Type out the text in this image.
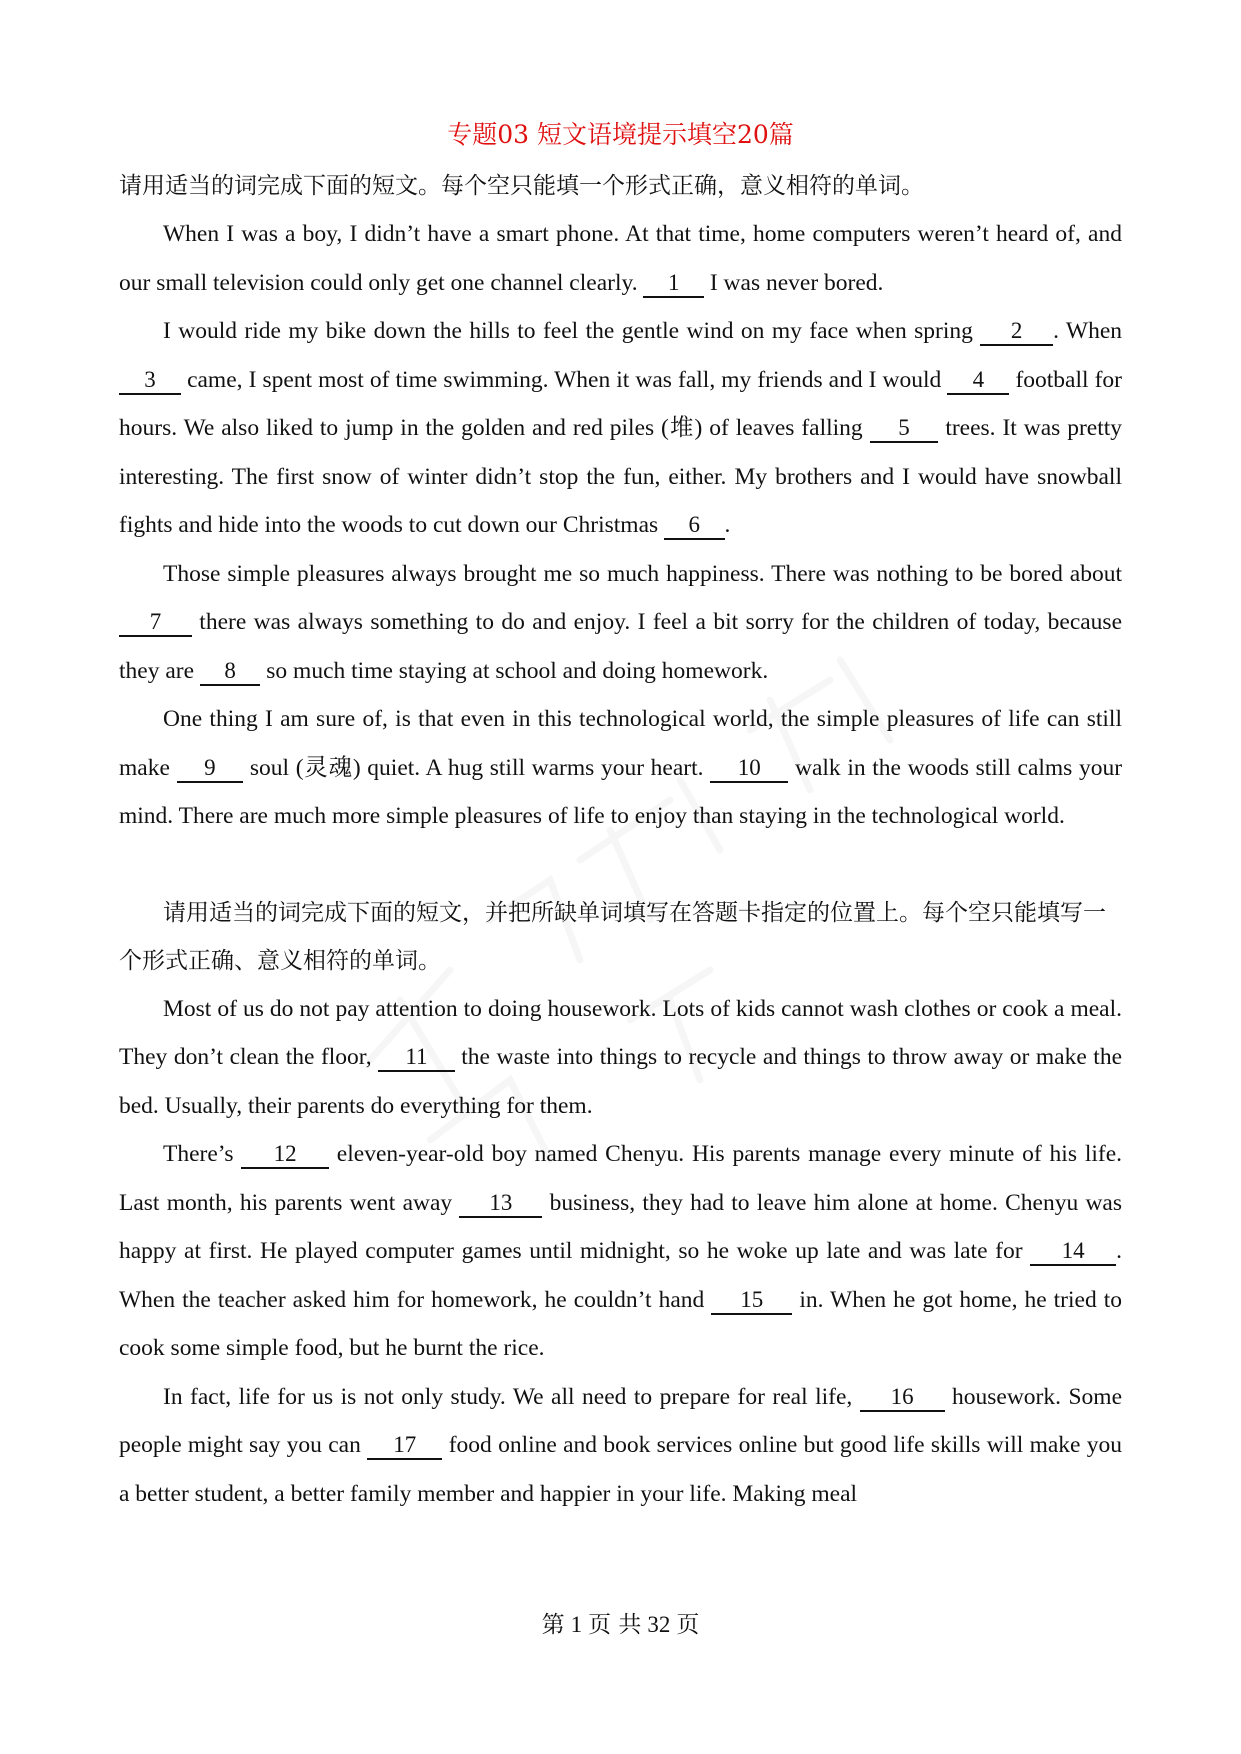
专题03 短文语境提示填空20篇

请用适当的词完成下面的短文。每个空只能填一个形式正确，意义相符的单词。

When I was a boy, I didn’t have a smart phone. At that time, home computers weren’t heard of, and our small television could only get one channel clearly.     1     I was never bored.

I would ride my bike down the hills to feel the gentle wind on my face when spring     2 . When     3     came, I spent most of time swimming. When it was fall, my friends and I would     4     football for hours. We also liked to jump in the golden and red piles (堆) of leaves falling     5     trees. It was pretty interesting. The first snow of winter didn’t stop the fun, either. My brothers and I would have snowball fights and hide into the woods to cut down our Christmas     6 .

Those simple pleasures always brought me so much happiness. There was nothing to be bored about     7     there was always something to do and enjoy. I feel a bit sorry for the children of today, because they are     8     so much time staying at school and doing homework.

One thing I am sure of, is that even in this technological world, the simple pleasures of life can still make     9     soul (灵魂) quiet. A hug still warms your heart.     10     walk in the woods still calms your mind. There are much more simple pleasures of life to enjoy than staying in the technological world.

请用适当的词完成下面的短文，并把所缺单词填写在答题卡指定的位置上。每个空只能填写一个形式正确、意义相符的单词。

Most of us do not pay attention to doing housework. Lots of kids cannot wash clothes or cook a meal. They don’t clean the floor,     11     the waste into things to recycle and things to throw away or make the bed. Usually, their parents do everything for them.

There’s     12     eleven-year-old boy named Chenyu. His parents manage every minute of his life. Last month, his parents went away     13     business, they had to leave him alone at home. Chenyu was happy at first. He played computer games until midnight, so he woke up late and was late for     14 . When the teacher asked him for homework, he couldn’t hand     15     in. When he got home, he tried to cook some simple food, but he burnt the rice.

In fact, life for us is not only study. We all need to prepare for real life,     16     housework. Some people might say you can     17     food online and book services online but good life skills will make you a better student, a better family member and happier in your life. Making meal

第 1 页 共 32 页
